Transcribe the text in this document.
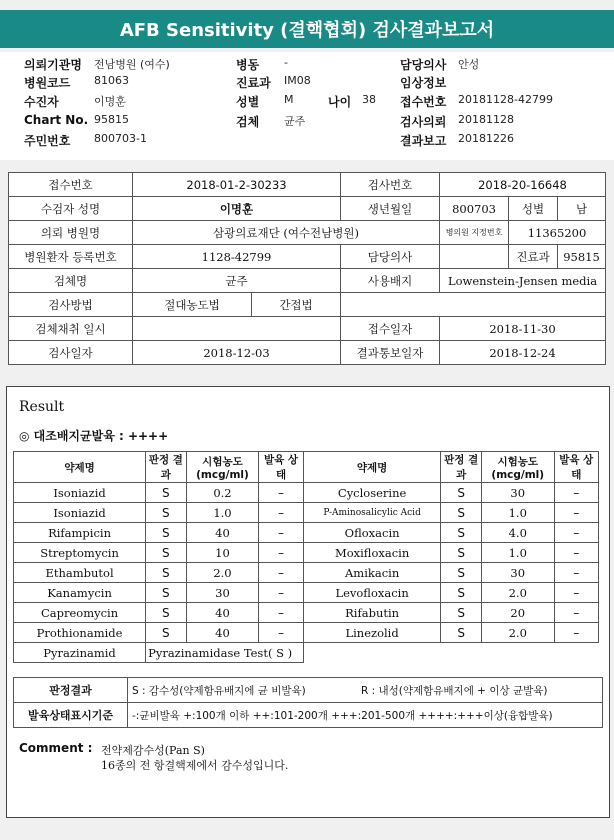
AFB Sensitivity (결핵협회) 검사결과보고서
의뢰기관명 전남병원 (여수)	병동 -	담당의사 안성
병원코드 81063	진료과 IM08	임상정보
수진자	이명훈	성별 M	나이 38 접수번호 20181128-42799
Chart No. 95815	검체 균주	검사의뢰 20181128
주민번호 800703-1	결과보고 20181226
접수번호	2018-01-2-30233		검사번호	2018-20-16648		
수검자 성명	이명훈		생년월일	800703	성별	남
의뢰 병원명	삼광의료재단 (여수전남병원)			병의원 지정번호	11365200	
병원환자 등록번호	1128-42799		담당의사		진료과	95815
검체명	균주		사용배지	Lowenstein-Jensen media		
검사방법	절대농도법	간접법				
검체채취 일시			접수일자	2018-11-30		
검사일자	2018-12-03		결과통보일자	2018-12-24		
Result
◎ 대조배지균발육 : ++++
약제명	판정 결과	시험농도 (mcg/ml)	발육 상태	약제명	판정 결과	시험농도 (mcg/ml)	발육 상태
Isoniazid	S	0.2	–	Cycloserine	S	30	–
Isoniazid	S	1.0	–	P-Aminosalicylic Acid	S	1.0	–
Rifampicin	S	40	–	Ofloxacin	S	4.0	–
Streptomycin	S	10	–	Moxifloxacin	S	1.0	–
Ethambutol	S	2.0	–	Amikacin	S	30	–
Kanamycin	S	30	–	Levofloxacin	S	2.0	–
Capreomycin	S	40	–	Rifabutin	S	20	–
Prothionamide	S	40	–	Linezolid	S	2.0	–
Pyrazinamid	Pyrazinamidase Test( S )						
판정결과	S : 감수성(약제함유배지에 균 비발육)	R : 내성(약제함유배지에 + 이상 균발육)
발육상태표시기준	-:균비발육 +:100개 이하 ++:101-200개 +++:201-500개 ++++:+++이상(융합발육)	
Comment : 전약제감수성(Pan S)
16종의 전 항결핵제에서 감수성입니다.
